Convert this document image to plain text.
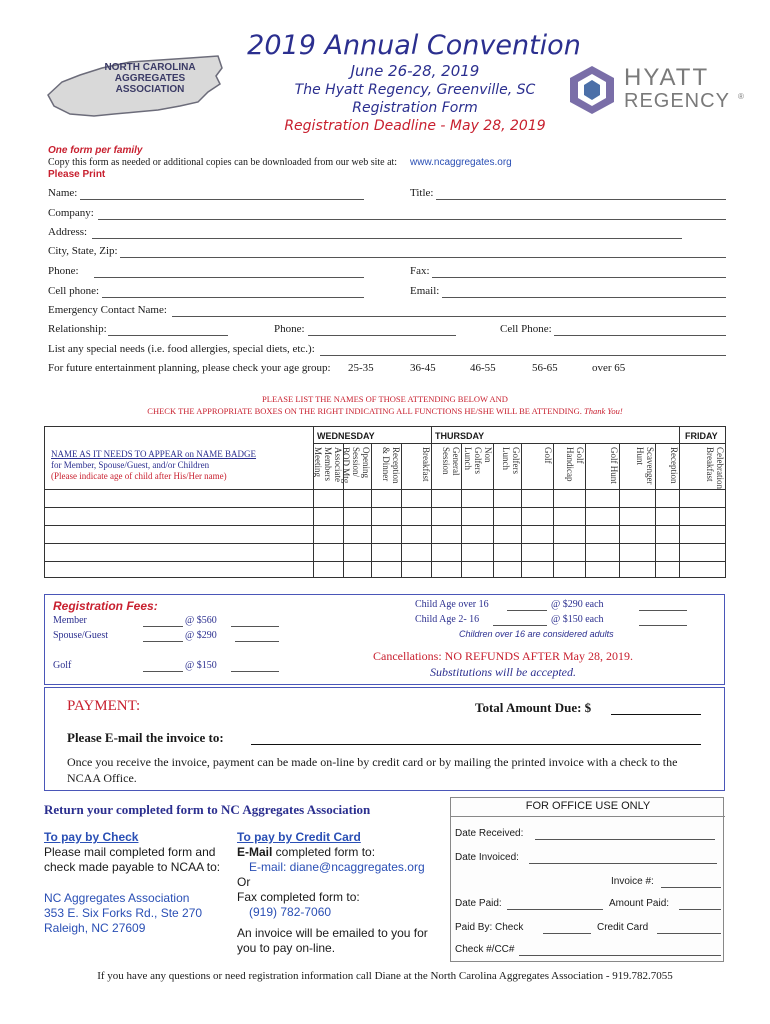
NORTH CAROLINA
AGGREGATES
ASSOCIATION
2019 Annual Convention
June 26-28, 2019
The Hyatt Regency, Greenville, SC
Registration Form
Registration Deadline - May 28, 2019
HYATT
REGENCY ®
One form per family
Copy this form as needed or additional copies can be downloaded from our web site at: www.ncaggregates.org
Please Print
Name:	Title:
Company:
Address:
City, State, Zip:
Phone:	Fax:
Cell phone:	Email:
Emergency Contact Name:
Relationship:	Phone:	Cell Phone:
List any special needs (i.e. food allergies, special diets, etc.):
For future entertainment planning, please check your age group: 25-35	36-45	46-55	56-65	over 65
PLEASE LIST THE NAMES OF THOSE ATTENDING BELOW AND
CHECK THE APPROPRIATE BOXES ON THE RIGHT INDICATING ALL FUNCTIONS HE/SHE WILL BE ATTENDING. Thank You!
WEDNESDAY	THURSDAY	FRIDAY
NAME AS IT NEEDS TO APPEAR on NAME BADGE
for Member, Spouse/Guest, and/or Children
(Please indicate age of child after His/Her name)	Associate Members Meeting	Opening Session/ BOD Mtg	Reception & Dinner	Breakfast	General Session	Non Golfers Lunch	Golfers Lunch	Golf	Golf Handicap	Golf Hunt	Scavenger Hunt	Reception	Celebration Breakfast
Registration Fees:
Member	@ $560
Spouse/Guest	@ $290
Golf	@ $150
Child Age over 16	@ $290 each
Child Age 2- 16	@ $150 each
Children over 16 are considered adults
Cancellations: NO REFUNDS AFTER May 28, 2019.
Substitutions will be accepted.
PAYMENT:	Total Amount Due: $
Please E-mail the invoice to:
Once you receive the invoice, payment can be made on-line by credit card or by mailing the printed invoice with a check to the NCAA Office.
Return your completed form to NC Aggregates Association
To pay by Check
Please mail completed form and
check made payable to NCAA to:
NC Aggregates Association
353 E. Six Forks Rd., Ste 270
Raleigh, NC 27609
To pay by Credit Card
E-Mail completed form to:
E-mail: diane@ncaggregates.org
Or
Fax completed form to:
(919) 782-7060
An invoice will be emailed to you for
you to pay on-line.
FOR OFFICE USE ONLY
Date Received:
Date Invoiced:
Invoice #:
Date Paid:	Amount Paid:
Paid By: Check	Credit Card
Check #/CC#
If you have any questions or need registration information call Diane at the North Carolina Aggregates Association - 919.782.7055
